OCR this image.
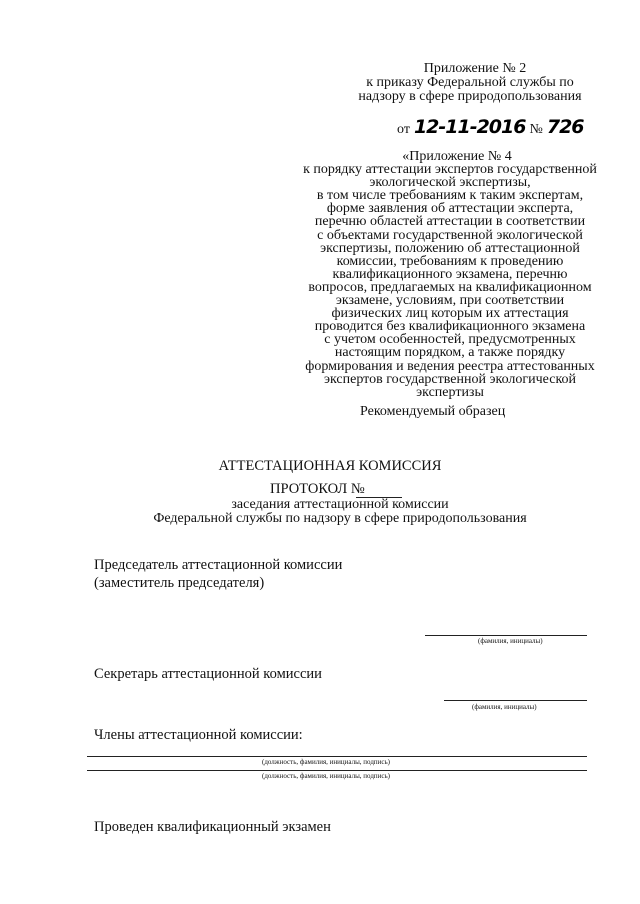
Приложение № 2
к приказу Федеральной службы по
надзору в сфере природопользования
от 12-11-2016 № 726
«Приложение № 4
к порядку аттестации экспертов государственной
экологической экспертизы,
в том числе требованиям к таким экспертам,
форме заявления об аттестации эксперта,
перечню областей аттестации в соответствии
с объектами государственной экологической
экспертизы, положению об аттестационной
комиссии, требованиям к проведению
квалификационного экзамена, перечню
вопросов, предлагаемых на квалификационном
экзамене, условиям, при соответствии
физических лиц которым их аттестация
проводится без квалификационного экзамена
с учетом особенностей, предусмотренных
настоящим порядком, а также порядку
формирования и ведения реестра аттестованных
экспертов государственной экологической
экспертизы
Рекомендуемый образец
АТТЕСТАЦИОННАЯ КОМИССИЯ
ПРОТОКОЛ №
заседания аттестационной комиссии
Федеральной службы по надзору в сфере природопользования
Председатель аттестационной комиссии
(заместитель председателя)
(фамилия, инициалы)
Секретарь аттестационной комиссии
(фамилия, инициалы)
Члены аттестационной комиссии:
(должность, фамилия, инициалы, подпись)
(должность, фамилия, инициалы, подпись)
Проведен квалификационный экзамен
